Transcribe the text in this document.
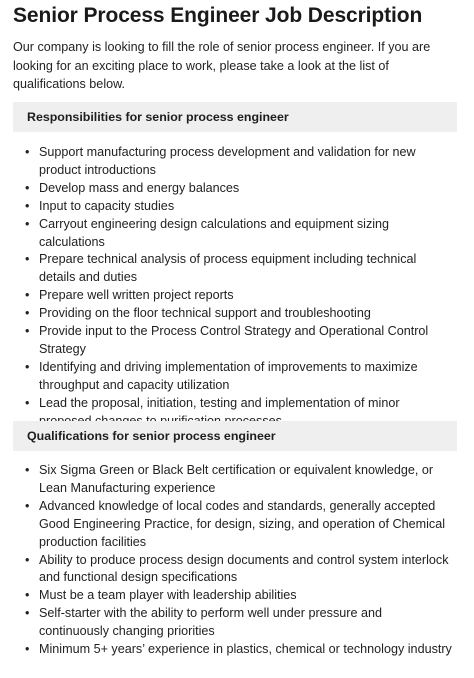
Senior Process Engineer Job Description

Our company is looking to fill the role of senior process engineer. If you are looking for an exciting place to work, please take a look at the list of qualifications below.

Responsibilities for senior process engineer
• Support manufacturing process development and validation for new product introductions
• Develop mass and energy balances
• Input to capacity studies
• Carryout engineering design calculations and equipment sizing calculations
• Prepare technical analysis of process equipment including technical details and duties
• Prepare well written project reports
• Providing on the floor technical support and troubleshooting
• Provide input to the Process Control Strategy and Operational Control Strategy
• Identifying and driving implementation of improvements to maximize throughput and capacity utilization
• Lead the proposal, initiation, testing and implementation of minor
Qualifications for senior process engineer
• Six Sigma Green or Black Belt certification or equivalent knowledge, or Lean Manufacturing experience
• Advanced knowledge of local codes and standards, generally accepted Good Engineering Practice, for design, sizing, and operation of Chemical production facilities
• Ability to produce process design documents and control system interlock and functional design specifications
• Must be a team player with leadership abilities
• Self-starter with the ability to perform well under pressure and continuously changing priorities
• Minimum 5+ years’ experience in plastics, chemical or technology industry
